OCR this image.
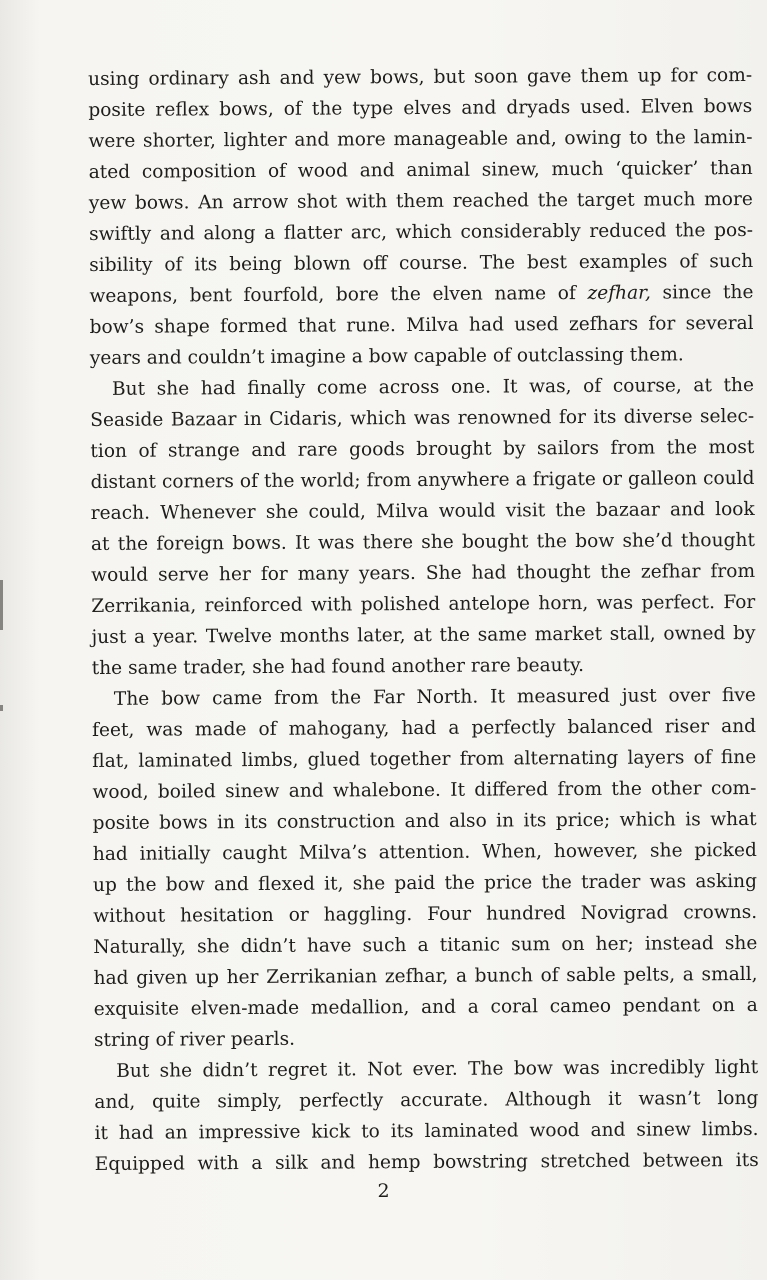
using ordinary ash and yew bows, but soon gave them up for com-
posite reflex bows, of the type elves and dryads used. Elven bows
were shorter, lighter and more manageable and, owing to the lamin-
ated composition of wood and animal sinew, much ‘quicker’ than
yew bows. An arrow shot with them reached the target much more
swiftly and along a flatter arc, which considerably reduced the pos-
sibility of its being blown off course. The best examples of such
weapons, bent fourfold, bore the elven name of zefhar, since the
bow’s shape formed that rune. Milva had used zefhars for several
years and couldn’t imagine a bow capable of outclassing them.
But she had finally come across one. It was, of course, at the
Seaside Bazaar in Cidaris, which was renowned for its diverse selec-
tion of strange and rare goods brought by sailors from the most
distant corners of the world; from anywhere a frigate or galleon could
reach. Whenever she could, Milva would visit the bazaar and look
at the foreign bows. It was there she bought the bow she’d thought
would serve her for many years. She had thought the zefhar from
Zerrikania, reinforced with polished antelope horn, was perfect. For
just a year. Twelve months later, at the same market stall, owned by
the same trader, she had found another rare beauty.
The bow came from the Far North. It measured just over five
feet, was made of mahogany, had a perfectly balanced riser and
flat, laminated limbs, glued together from alternating layers of fine
wood, boiled sinew and whalebone. It differed from the other com-
posite bows in its construction and also in its price; which is what
had initially caught Milva’s attention. When, however, she picked
up the bow and flexed it, she paid the price the trader was asking
without hesitation or haggling. Four hundred Novigrad crowns.
Naturally, she didn’t have such a titanic sum on her; instead she
had given up her Zerrikanian zefhar, a bunch of sable pelts, a small,
exquisite elven-made medallion, and a coral cameo pendant on a
string of river pearls.
But she didn’t regret it. Not ever. The bow was incredibly light
and, quite simply, perfectly accurate. Although it wasn’t long
it had an impressive kick to its laminated wood and sinew limbs.
Equipped with a silk and hemp bowstring stretched between its
2
